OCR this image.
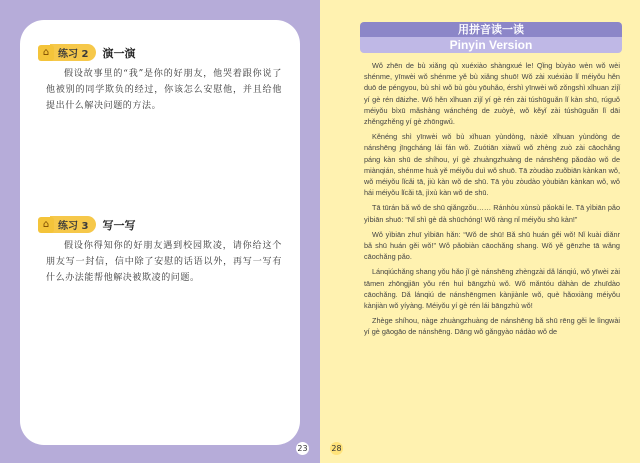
⌂ 练习 2	演一演
假设故事里的“我”是你的好朋友，他哭着跟你说了他被别的同学欺负的经过，你该怎么安慰他，并且给他提出什么解决问题的方法。
⌂ 练习 3	写一写
假设你得知你的好朋友遇到校园欺凌，请你给这个朋友写一封信，信中除了安慰的话语以外，再写一写有什么办法能帮他解决被欺凌的问题。
23
用拼音读一读
Pinyin Version

Wǒ zhēn de bù xiǎng qù xuéxiào shàngxué le! Qǐng bùyào wèn wǒ wèi shénme, yīnwèi wǒ shénme yě bù xiǎng shuō! Wǒ zài xuéxiào lǐ méiyǒu hěn duō de péngyou, bù shì wǒ bù gòu yōuhǎo, érshì yīnwèi wǒ zǒngshì xǐhuan zìjǐ yí gè rén dāizhe. Wǒ hěn xǐhuan zìjǐ yí gè rén zài túshūguǎn lǐ kàn shū, rúguǒ méiyǒu bìxū mǎshàng wánchéng de zuòyè, wǒ kěyǐ zài túshūguǎn lǐ dāi zhěngzhěng yí gè zhōngwǔ.

Kěnéng shì yīnwèi wǒ bù xǐhuan yùndòng, nàxiē xǐhuan yùndòng de nánshēng jīngcháng lái fán wǒ. Zuótiān xiàwǔ wǒ zhèng zuò zài cāochǎng páng kàn shū de shíhou, yí gè zhuàngzhuàng de nánshēng pǎodào wǒ de miànqián, shénme huà yě méiyǒu duì wǒ shuō. Tā zòudào zuǒbiān kànkan wǒ, wǒ méiyǒu lǐcǎi tā, jiù kàn wǒ de shū. Tā yòu zòudào yòubiān kànkan wǒ, wǒ hái méiyǒu lǐcǎi tā, jìxù kàn wǒ de shū.

Tā tūrán bǎ wǒ de shū qiǎngzǒu…… Ránhòu xùnsù pǎokāi le. Tā yìbiān pǎo yìbiān shuō: “Nǐ shì gè dà shūchóng! Wǒ ràng nǐ méiyǒu shū kàn!”

Wǒ yìbiān zhuī yìbiān hǎn: “Wǒ de shū! Bǎ shū huán gěi wǒ! Nǐ kuài diǎnr bǎ shū huán gěi wǒ!” Wǒ pǎobiàn cāochǎng shang. Wǒ yě gēnzhe tā wǎng cāochǎng pǎo.

Lánqiúchǎng shang yǒu hǎo jǐ gè nánshēng zhèngzài dǎ lánqiú, wǒ yīwèi zài tāmen zhōngjiān yǒu rén huì bāngzhù wǒ. Wǒ mǎntóu dàhàn de zhuīdào cāochǎng. Dǎ lánqiú de nánshēngmen kànjiànle wǒ, què hǎoxiàng méiyǒu kànjiàn wǒ yíyàng. Méiyǒu yí gè rén lái bāngzhù wǒ!

Zhège shíhou, nàge zhuàngzhuàng de nánshēng bǎ shū rēng gěi le lìngwài yí gè gāogāo de nánshēng. Dāng wǒ gǎngyào nádào wǒ de

28
